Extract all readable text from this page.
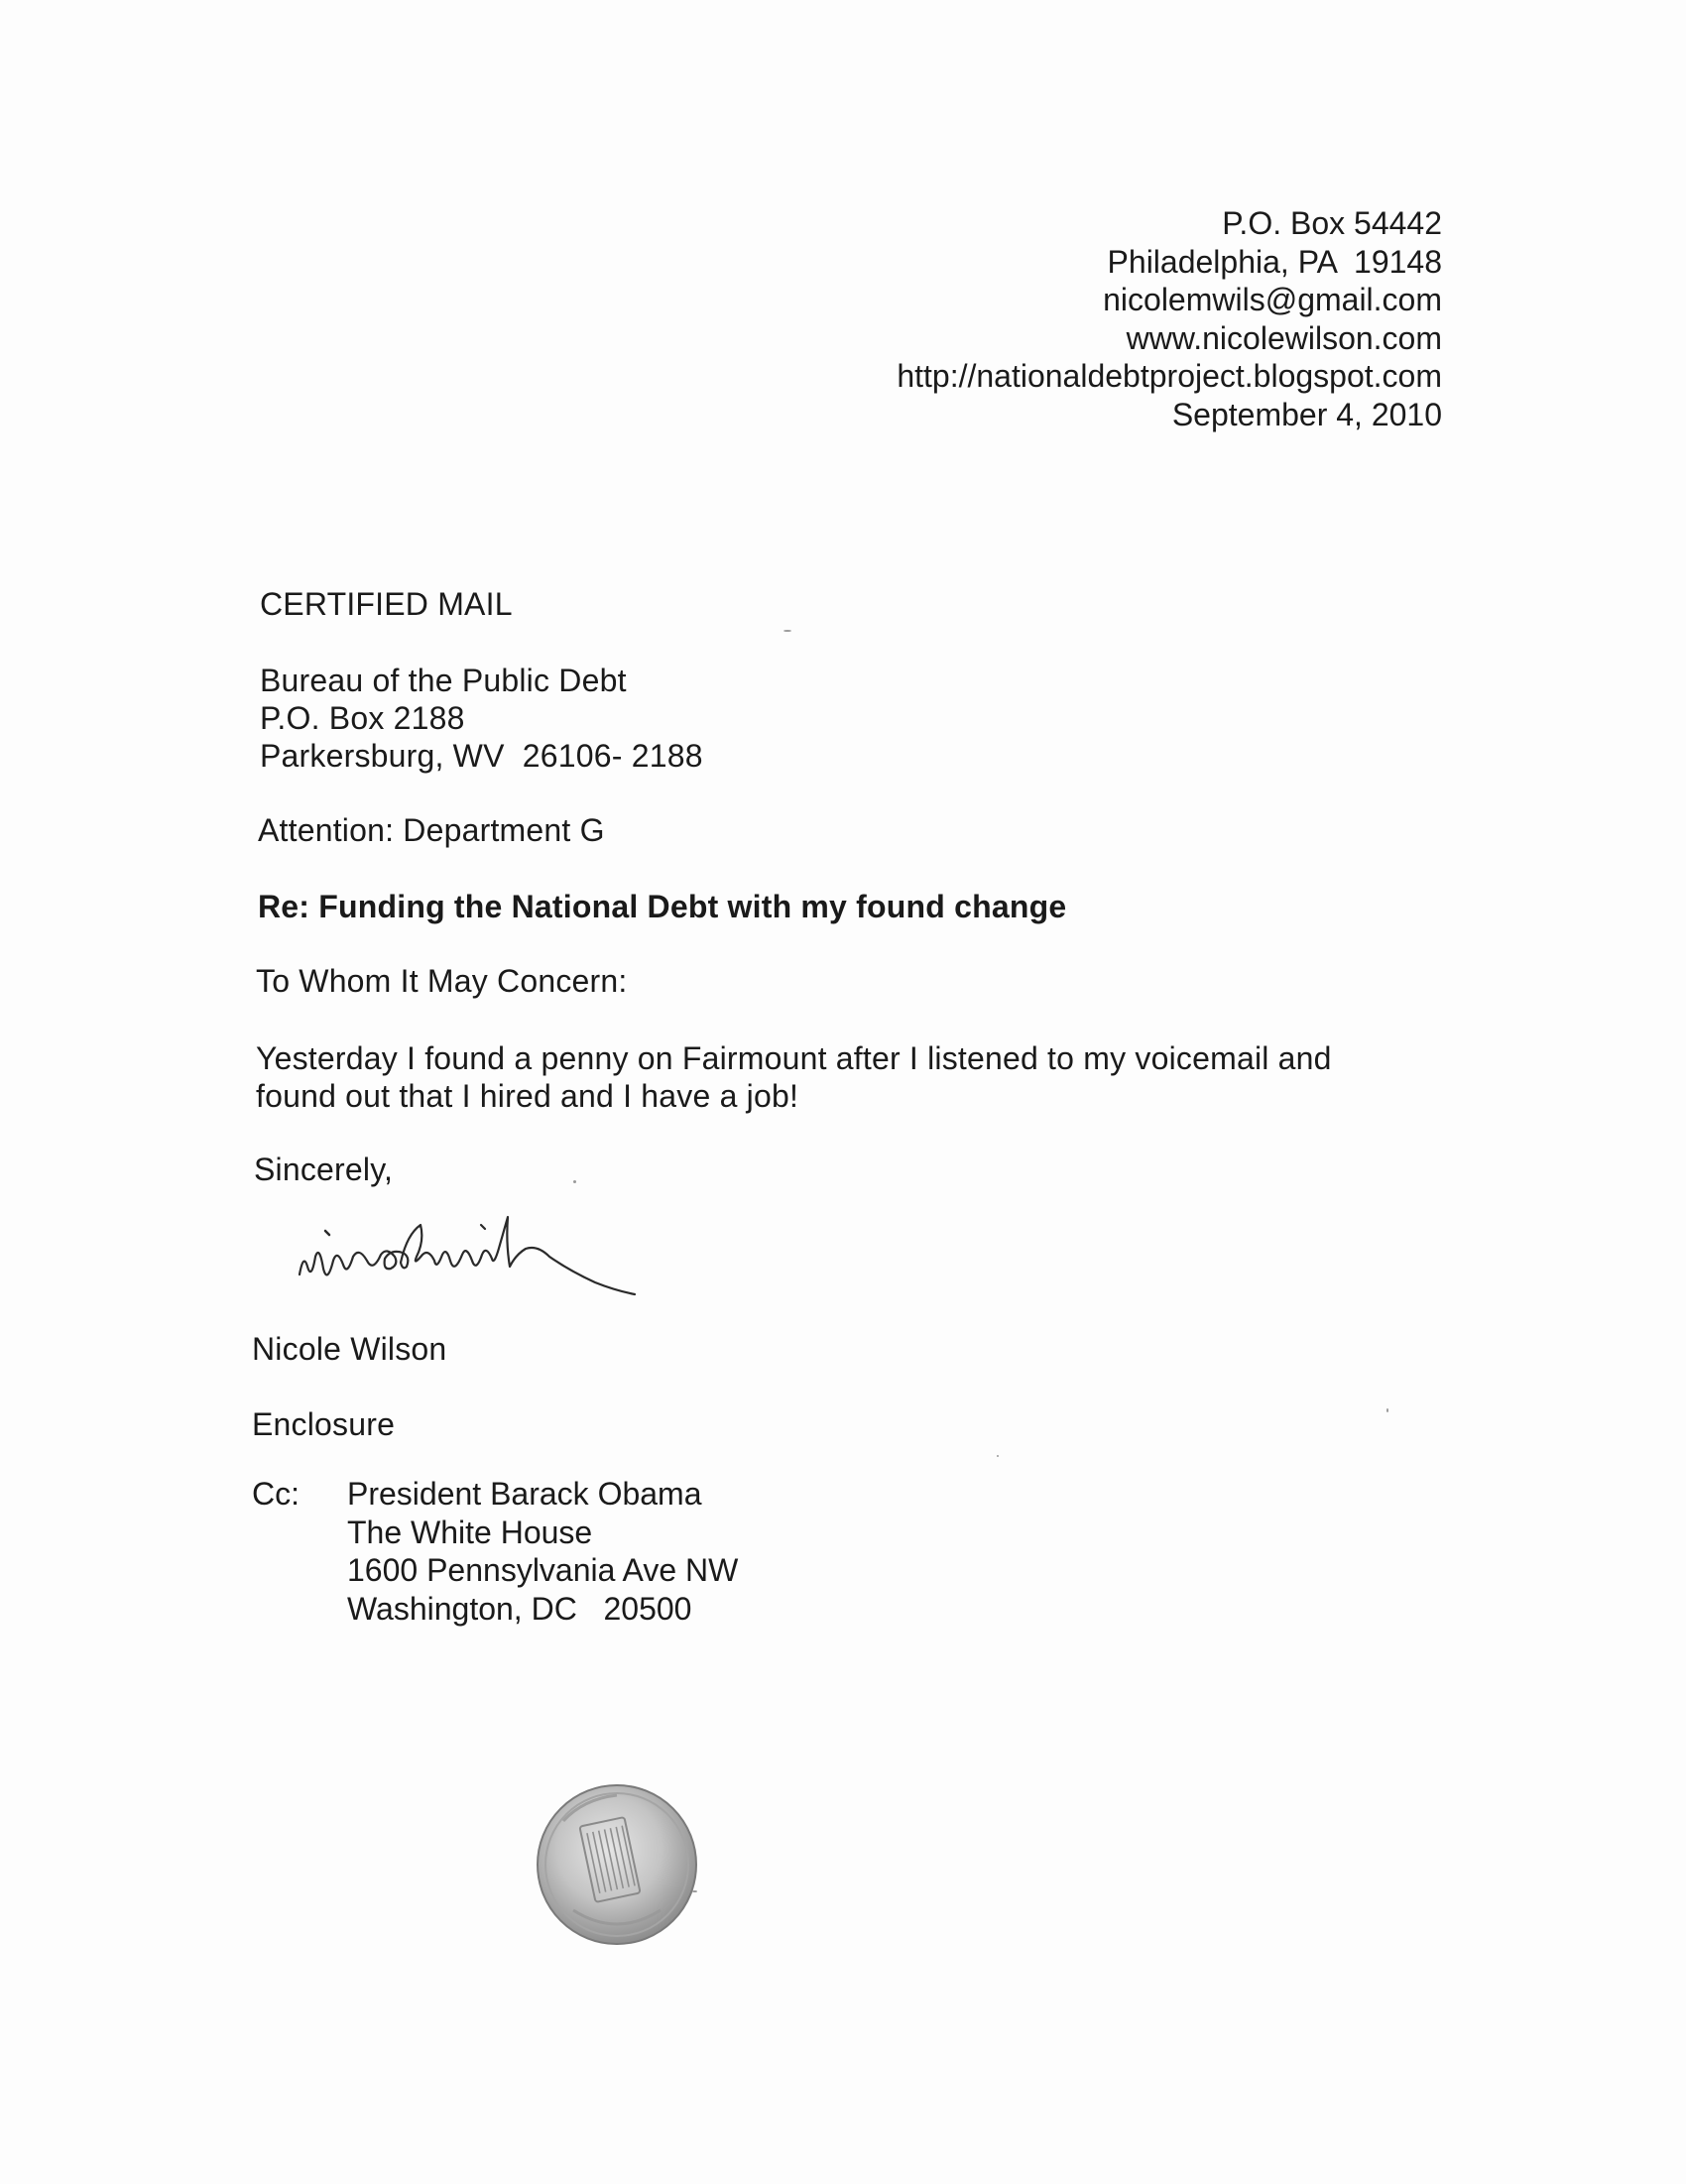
P.O. Box 54442
Philadelphia, PA  19148
nicolemwils@gmail.com
www.nicolewilson.com
http://nationaldebtproject.blogspot.com
September 4, 2010
CERTIFIED MAIL
Bureau of the Public Debt
P.O. Box 2188
Parkersburg, WV  26106- 2188
Attention: Department G
Re: Funding the National Debt with my found change
To Whom It May Concern:
Yesterday I found a penny on Fairmount after I listened to my voicemail and
found out that I hired and I have a job!
Sincerely,
Nicole Wilson
Enclosure
Cc: President Barack Obama
The White House
1600 Pennsylvania Ave NW
Washington, DC   20500
